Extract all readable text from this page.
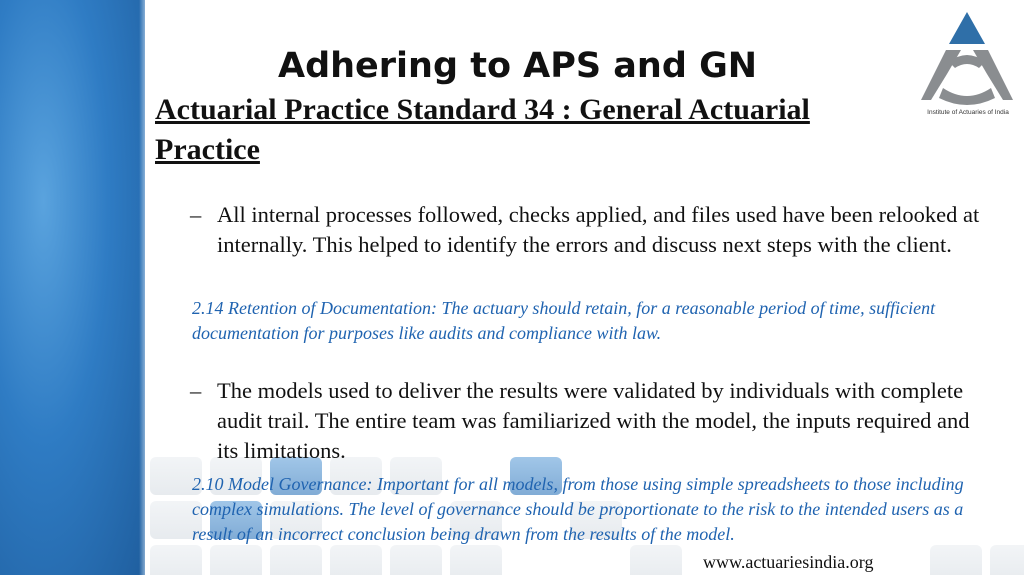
Adhering to APS and GN
Actuarial Practice Standard 34 : General Actuarial Practice
Institute of Actuaries of India
– All internal processes followed, checks applied, and files used have been relooked at internally. This helped to identify the errors and discuss next steps with the client.
2.14 Retention of Documentation: The actuary should retain, for a reasonable period of time, sufficient documentation for purposes like audits and compliance with law.
– The models used to deliver the results were validated by individuals with complete audit trail. The entire team was familiarized with the model, the inputs required and its limitations.
2.10 Model Governance: Important for all models, from those using simple spreadsheets to those including complex simulations. The level of governance should be proportionate to the risk to the intended users as a result of an incorrect conclusion being drawn from the results of the model.
www.actuariesindia.org
